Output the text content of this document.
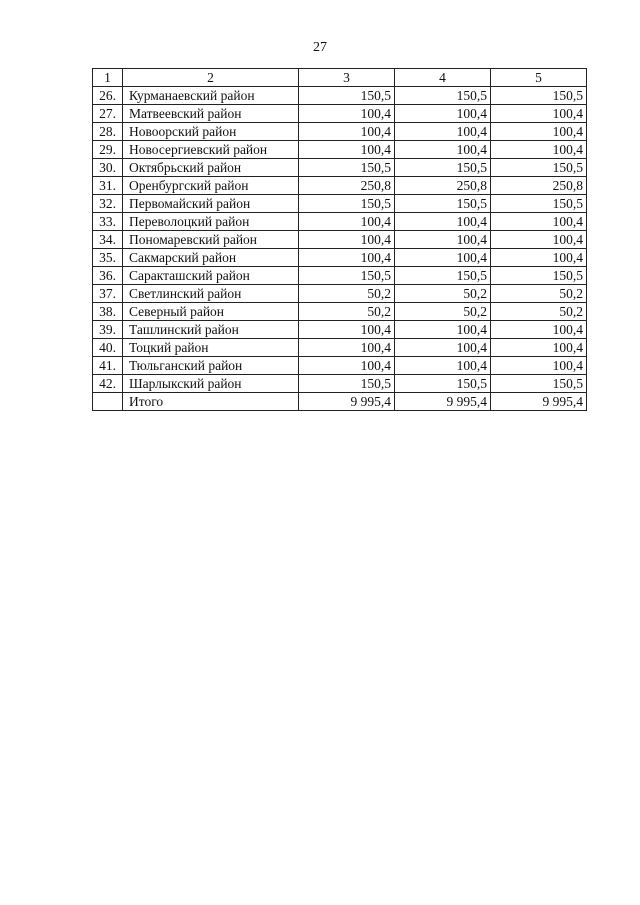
27
1	2	3	4	5
26.	Курманаевский район	150,5	150,5	150,5
27.	Матвеевский район	100,4	100,4	100,4
28.	Новоорский район	100,4	100,4	100,4
29.	Новосергиевский район	100,4	100,4	100,4
30.	Октябрьский район	150,5	150,5	150,5
31.	Оренбургский район	250,8	250,8	250,8
32.	Первомайский район	150,5	150,5	150,5
33.	Переволоцкий район	100,4	100,4	100,4
34.	Пономаревский район	100,4	100,4	100,4
35.	Сакмарский район	100,4	100,4	100,4
36.	Саракташский район	150,5	150,5	150,5
37.	Светлинский район	50,2	50,2	50,2
38.	Северный район	50,2	50,2	50,2
39.	Ташлинский район	100,4	100,4	100,4
40.	Тоцкий район	100,4	100,4	100,4
41.	Тюльганский район	100,4	100,4	100,4
42.	Шарлыкский район	150,5	150,5	150,5
	Итого	9 995,4	9 995,4	9 995,4
